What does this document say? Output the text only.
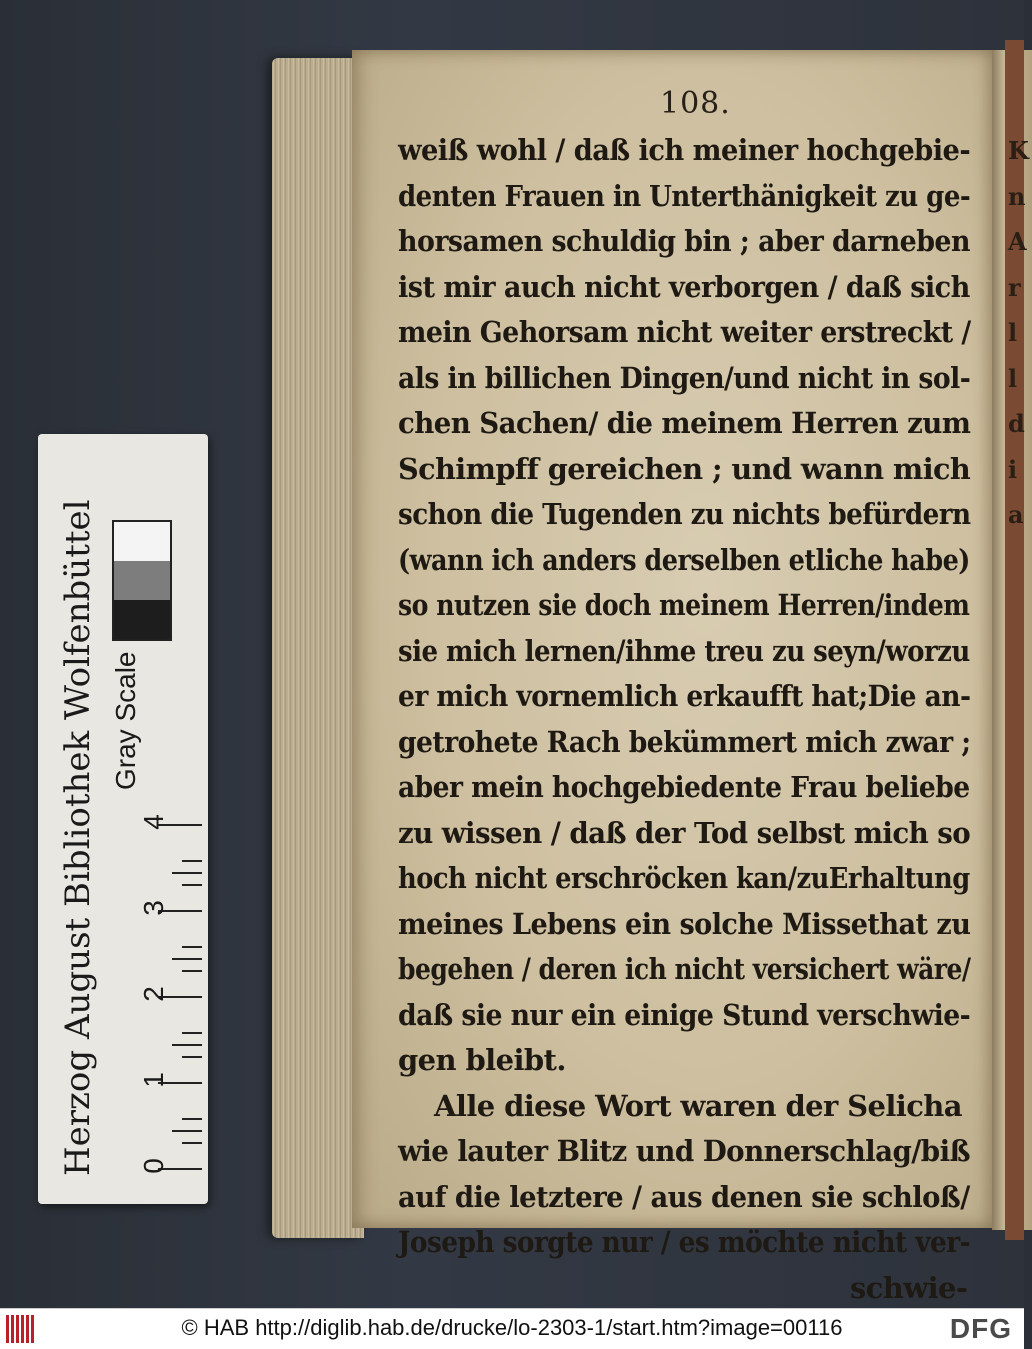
108.
weiß wohl / daß ich meiner hochgebie-
denten Frauen in Unterthänigkeit zu ge-
horsamen schuldig bin ; aber darneben
ist mir auch nicht verborgen / daß sich
mein Gehorsam nicht weiter erstreckt /
als in billichen Dingen/und nicht in sol-
chen Sachen/ die meinem Herren zum
Schimpff gereichen ; und wann mich
schon die Tugenden zu nichts befürdern
(wann ich anders derselben etliche habe)
so nutzen sie doch meinem Herren/indem
sie mich lernen/ihme treu zu seyn/worzu
er mich vornemlich erkaufft hat;Die an-
getrohete Rach bekümmert mich zwar ;
aber mein hochgebiedente Frau beliebe
zu wissen / daß der Tod selbst mich so
hoch nicht erschröcken kan/zuErhaltung
meines Lebens ein solche Missethat zu
begehen / deren ich nicht versichert wäre/
daß sie nur ein einige Stund verschwie-
gen bleibt.
Alle diese Wort waren der Selicha
wie lauter Blitz und Donnerschlag/biß
auf die letztere / aus denen sie schloß/
Joseph sorgte nur / es möchte nicht ver-
schwie-
K
n
A
r
l
l
d
i
a
Herzog August Bibliothek Wolfenbüttel Gray Scale
0
1
2
3
4
© HAB http://diglib.hab.de/drucke/lo-2303-1/start.htm?image=00116	DFG
